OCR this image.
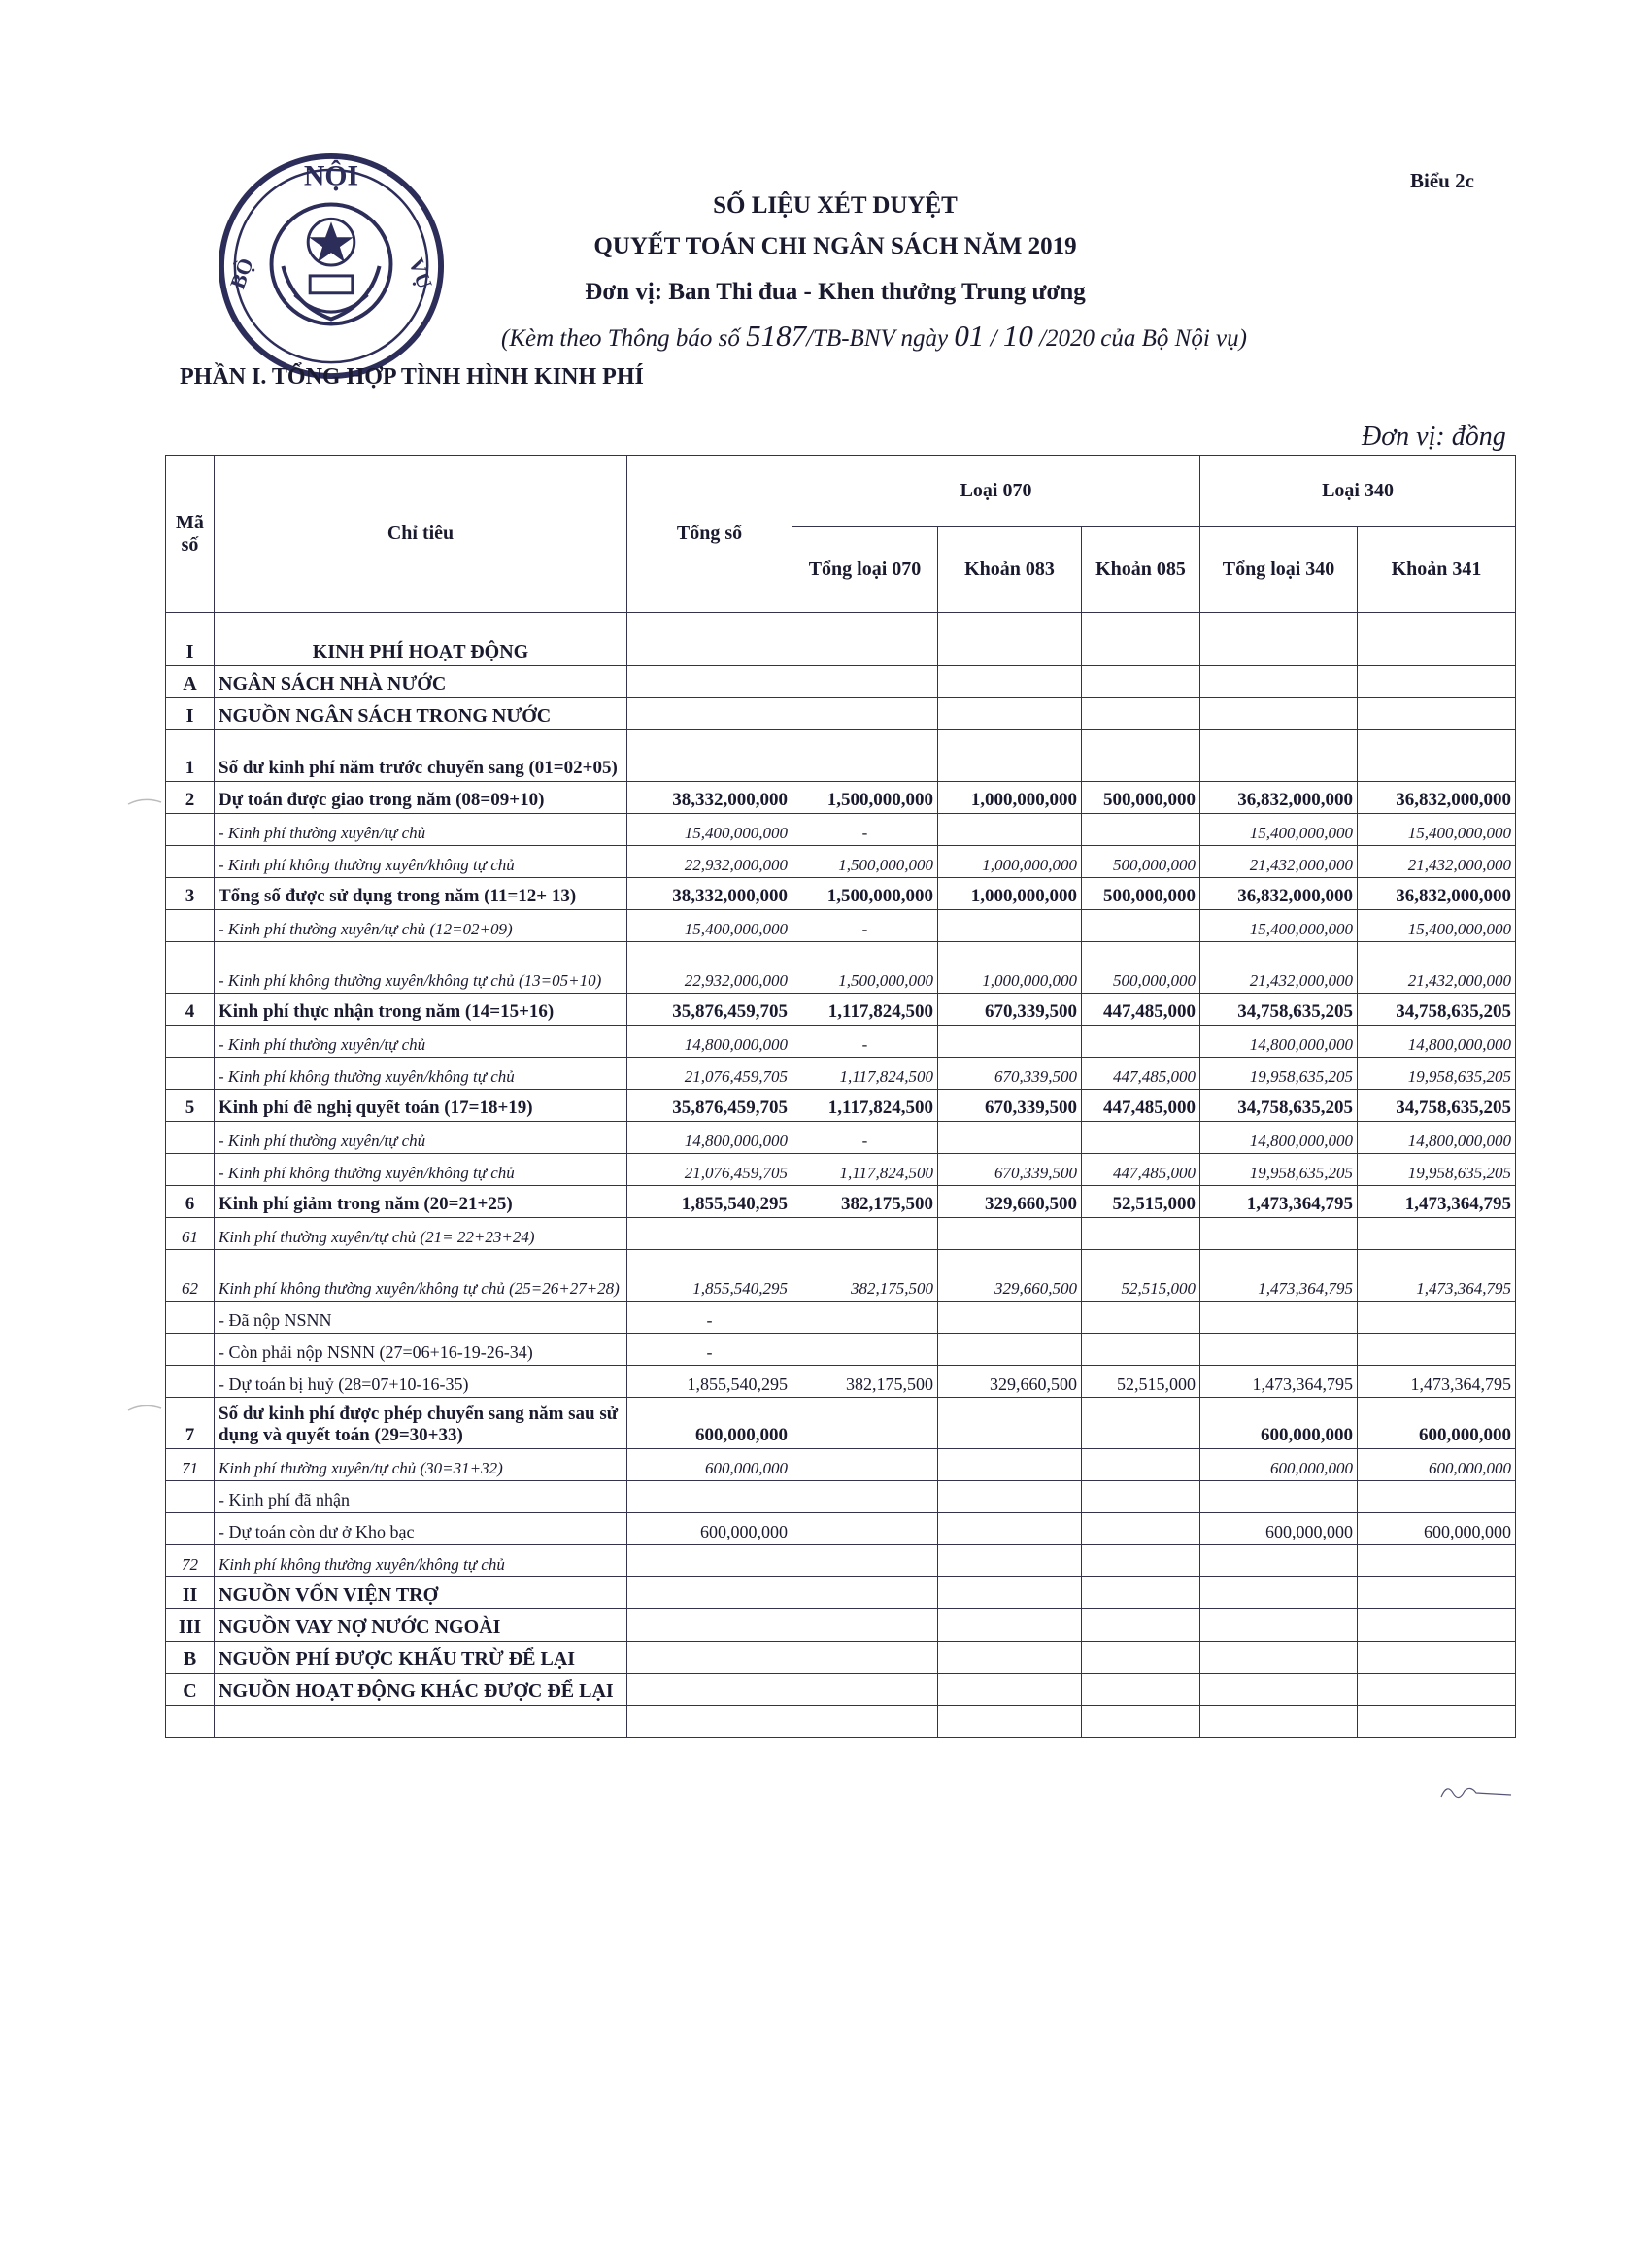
NỘI
BỘ	VỤ
Biểu 2c
SỐ LIỆU XÉT DUYỆT
QUYẾT TOÁN CHI NGÂN SÁCH NĂM 2019
Đơn vị: Ban Thi đua - Khen thưởng Trung ương
(Kèm theo Thông báo số 5187/TB-BNV ngày 01 / 10 /2020 của Bộ Nội vụ)
PHẦN I. TỔNG HỢP TÌNH HÌNH KINH PHÍ
Đơn vị: đồng
Mã số	Chỉ tiêu	Tổng số	Loại 070			Loại 340	
			Tổng loại 070	Khoản 083	Khoản 085	Tổng loại 340	Khoản 341
I	KINH PHÍ HOẠT ĐỘNG						
A	NGÂN SÁCH NHÀ NƯỚC						
I	NGUỒN NGÂN SÁCH TRONG NƯỚC						
1	Số dư kinh phí năm trước chuyển sang (01=02+05)						
2	Dự toán được giao trong năm (08=09+10)	38,332,000,000	1,500,000,000	1,000,000,000	500,000,000	36,832,000,000	36,832,000,000
	- Kinh phí thường xuyên/tự chủ	15,400,000,000	-			15,400,000,000	15,400,000,000
	- Kinh phí không thường xuyên/không tự chủ	22,932,000,000	1,500,000,000	1,000,000,000	500,000,000	21,432,000,000	21,432,000,000
3	Tổng số được sử dụng trong năm (11=12+ 13)	38,332,000,000	1,500,000,000	1,000,000,000	500,000,000	36,832,000,000	36,832,000,000
	- Kinh phí thường xuyên/tự chủ (12=02+09)	15,400,000,000	-			15,400,000,000	15,400,000,000
	- Kinh phí không thường xuyên/không tự chủ (13=05+10)	22,932,000,000	1,500,000,000	1,000,000,000	500,000,000	21,432,000,000	21,432,000,000
4	Kinh phí thực nhận trong năm (14=15+16)	35,876,459,705	1,117,824,500	670,339,500	447,485,000	34,758,635,205	34,758,635,205
	- Kinh phí thường xuyên/tự chủ	14,800,000,000	-			14,800,000,000	14,800,000,000
	- Kinh phí không thường xuyên/không tự chủ	21,076,459,705	1,117,824,500	670,339,500	447,485,000	19,958,635,205	19,958,635,205
5	Kinh phí đề nghị quyết toán (17=18+19)	35,876,459,705	1,117,824,500	670,339,500	447,485,000	34,758,635,205	34,758,635,205
	- Kinh phí thường xuyên/tự chủ	14,800,000,000	-			14,800,000,000	14,800,000,000
	- Kinh phí không thường xuyên/không tự chủ	21,076,459,705	1,117,824,500	670,339,500	447,485,000	19,958,635,205	19,958,635,205
6	Kinh phí giảm trong năm (20=21+25)	1,855,540,295	382,175,500	329,660,500	52,515,000	1,473,364,795	1,473,364,795
61	Kinh phí thường xuyên/tự chủ (21= 22+23+24)						
62	Kinh phí không thường xuyên/không tự chủ (25=26+27+28)	1,855,540,295	382,175,500	329,660,500	52,515,000	1,473,364,795	1,473,364,795
	- Đã nộp NSNN	-					
	- Còn phải nộp NSNN (27=06+16-19-26-34)	-					
	- Dự toán bị huỷ (28=07+10-16-35)	1,855,540,295	382,175,500	329,660,500	52,515,000	1,473,364,795	1,473,364,795
7	Số dư kinh phí được phép chuyển sang năm sau sử dụng và quyết toán (29=30+33)	600,000,000				600,000,000	600,000,000
71	Kinh phí thường xuyên/tự chủ (30=31+32)	600,000,000				600,000,000	600,000,000
	- Kinh phí đã nhận						
	- Dự toán còn dư ở Kho bạc	600,000,000				600,000,000	600,000,000
72	Kinh phí không thường xuyên/không tự chủ						
II	NGUỒN VỐN VIỆN TRỢ						
III	NGUỒN VAY NỢ NƯỚC NGOÀI						
B	NGUỒN PHÍ ĐƯỢC KHẤU TRỪ ĐỂ LẠI						
C	NGUỒN HOẠT ĐỘNG KHÁC ĐƯỢC ĐỂ LẠI						
